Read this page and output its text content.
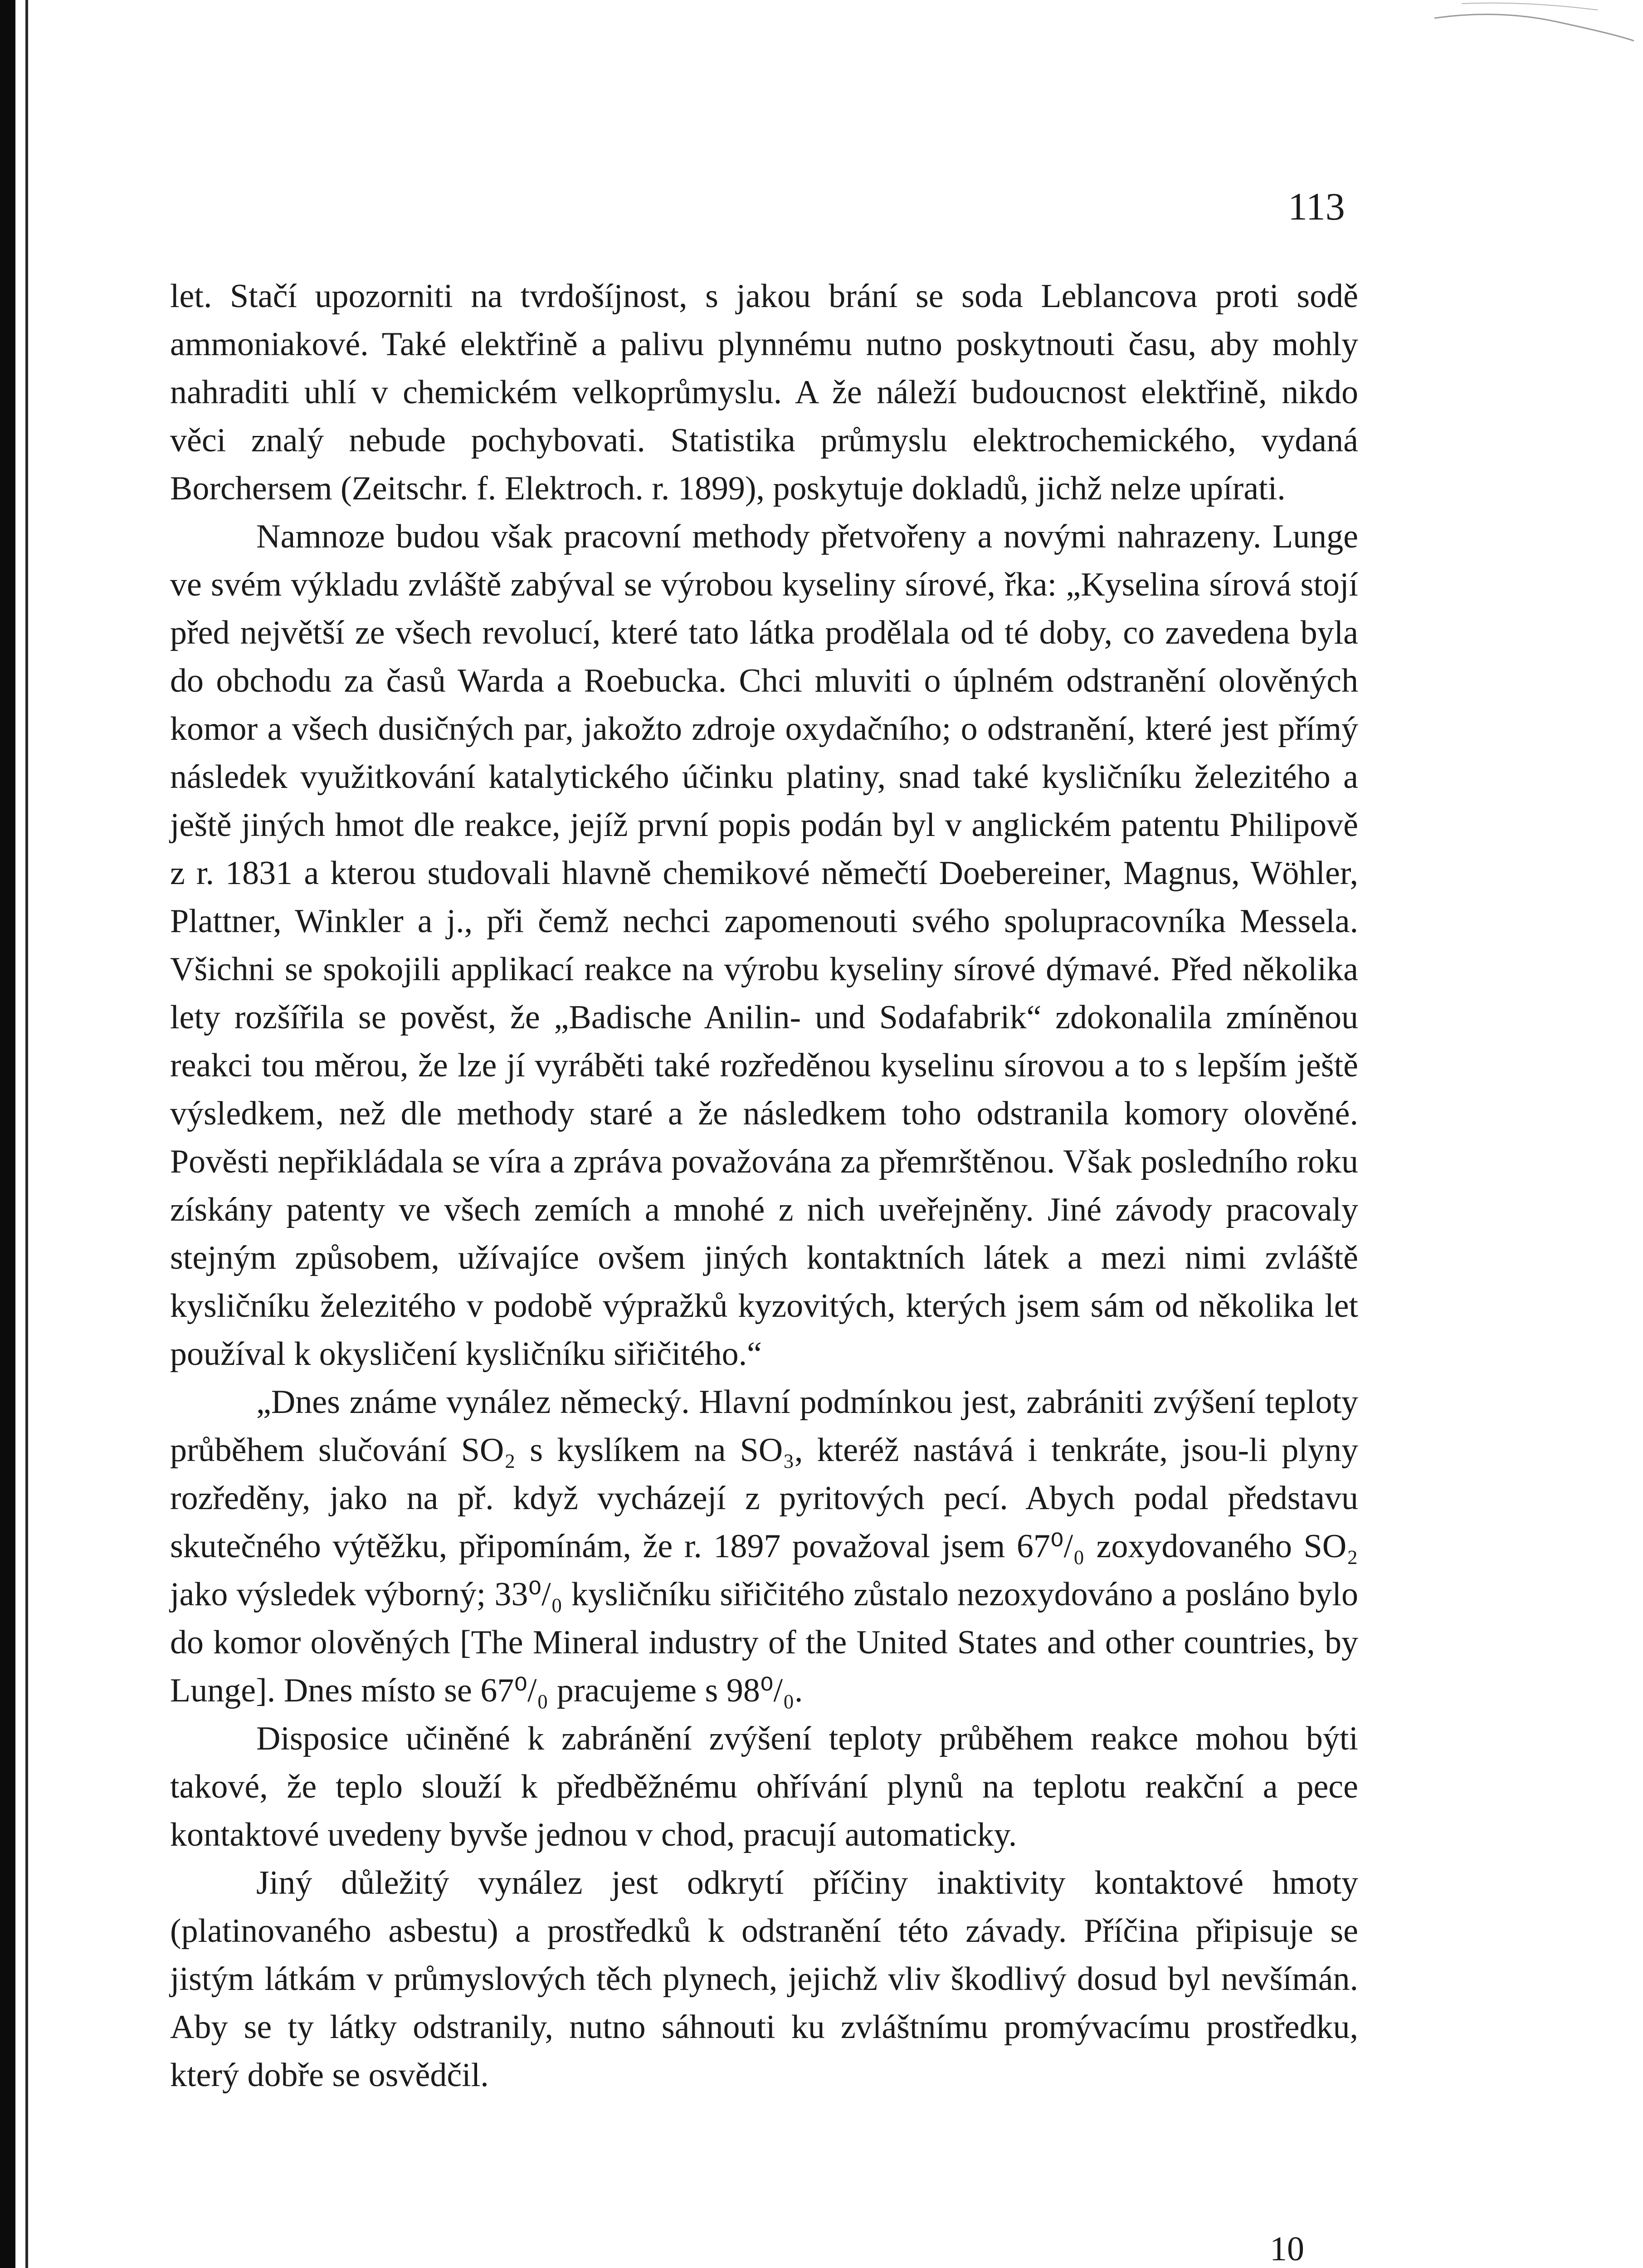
113

let. Stačí upozorniti na tvrdošíjnost, s jakou brání se soda Leblancova proti sodě ammoniakové. Také elektřině a palivu plynnému nutno poskytnouti času, aby mohly nahraditi uhlí v chemickém velkoprůmyslu. A že náleží budoucnost elektřině, nikdo věci znalý nebude pochybovati. Statistika průmyslu elektrochemického, vydaná Borchersem (Zeitschr. f. Elektroch. r. 1899), poskytuje dokladů, jichž nelze upírati.

Namnoze budou však pracovní methody přetvořeny a novými nahrazeny. Lunge ve svém výkladu zvláště zabýval se výrobou kyseliny sírové, řka: „Kyselina sírová stojí před největší ze všech revolucí, které tato látka prodělala od té doby, co zavedena byla do obchodu za časů Warda a Roebucka. Chci mluviti o úplném odstranění olověných komor a všech dusičných par, jakožto zdroje oxydačního; o odstranění, které jest přímý následek využitkování katalytického účinku platiny, snad také kysličníku železitého a ještě jiných hmot dle reakce, jejíž první popis podán byl v anglickém patentu Philipově z r. 1831 a kterou studovali hlavně chemikové němečtí Doebereiner, Magnus, Wöhler, Plattner, Winkler a j., při čemž nechci zapomenouti svého spolupracovníka Messela. Všichni se spokojili applikací reakce na výrobu kyseliny sírové dýmavé. Před několika lety rozšířila se pověst, že „Badische Anilin- und Sodafabrik“ zdokonalila zmíněnou reakci tou měrou, že lze jí vyráběti také rozředěnou kyselinu sírovou a to s lepším ještě výsledkem, než dle methody staré a že následkem toho odstranila komory olověné. Pověsti nepřikládala se víra a zpráva považována za přemrštěnou. Však posledního roku získány patenty ve všech zemích a mnohé z nich uveřejněny. Jiné závody pracovaly stejným způsobem, užívajíce ovšem jiných kontaktních látek a mezi nimi zvláště kysličníku železitého v podobě výpražků kyzovitých, kterých jsem sám od několika let používal k okysličení kysličníku siřičitého.“

„Dnes známe vynález německý. Hlavní podmínkou jest, zabrániti zvýšení teploty průběhem slučování SO₂ s kyslíkem na SO₃, kteréž nastává i tenkráte, jsou-li plyny rozředěny, jako na př. když vycházejí z pyritových pecí. Abych podal představu skutečného výtěžku, připomínám, že r. 1897 považoval jsem 67⁰/₀ zoxydovaného SO₂ jako výsledek výborný; 33⁰/₀ kysličníku siřičitého zůstalo nezoxydováno a posláno bylo do komor olověných [The Mineral industry of the United States and other countries, by Lunge]. Dnes místo se 67⁰/₀ pracujeme s 98⁰/₀.

Disposice učiněné k zabránění zvýšení teploty průběhem reakce mohou býti takové, že teplo slouží k předběžnému ohřívání plynů na teplotu reakční a pece kontaktové uvedeny byvše jednou v chod, pracují automaticky.

Jiný důležitý vynález jest odkrytí příčiny inaktivity kontaktové hmoty (platinovaného asbestu) a prostředků k odstranění této závady. Příčina připisuje se jistým látkám v průmyslových těch plynech, jejichž vliv škodlivý dosud byl nevšímán. Aby se ty látky odstranily, nutno sáhnouti ku zvláštnímu promývacímu prostředku, který dobře se osvědčil.

10
